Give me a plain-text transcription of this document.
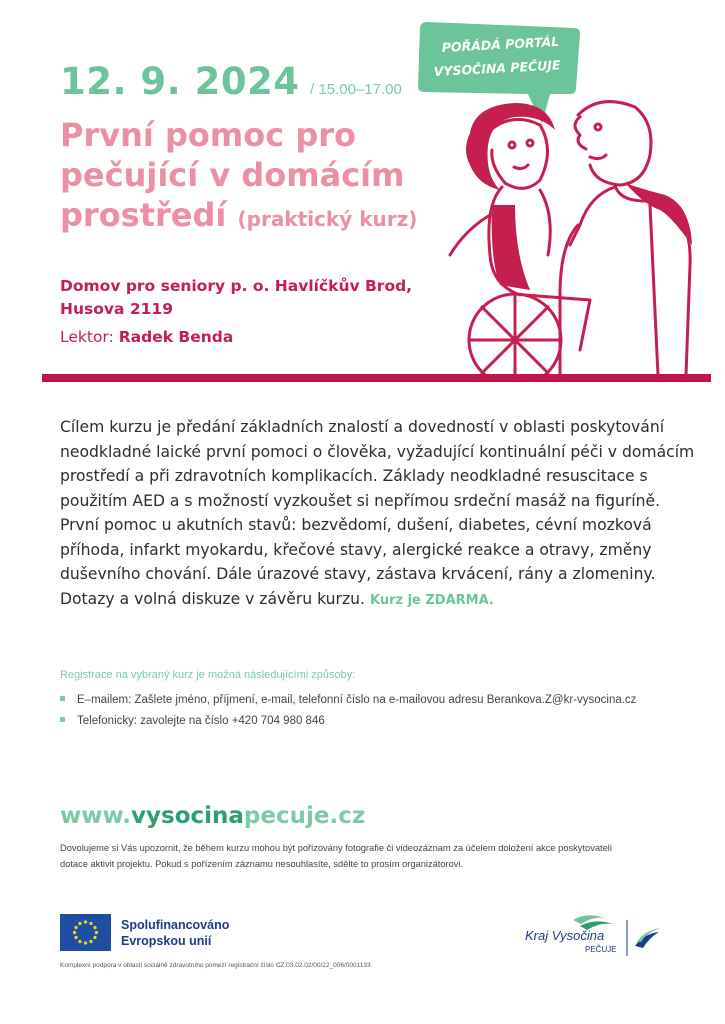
POŘÁDÁ PORTÁL
VYSOČINA PEČUJE
12. 9. 2024 / 15.00–17.00
První pomoc pro pečující v domácím prostředí (praktický kurz)
Domov pro seniory p. o. Havlíčkův Brod,
Husova 2119
Lektor: Radek Benda
Cílem kurzu je předání základních znalostí a dovedností v oblasti poskytování neodkladné laické první pomoci o člověka, vyžadující kontinuální péči v domácím prostředí a při zdravotních komplikacích. Základy neodkladné resuscitace s použitím AED a s možností vyzkoušet si nepřímou srdeční masáž na figuríně. První pomoc u akutních stavů: bezvědomí, dušení, diabetes, cévní mozková příhoda, infarkt myokardu, křečové stavy, alergické reakce a otravy, změny duševního chování. Dále úrazové stavy, zástava krvácení, rány a zlomeniny. Dotazy a volná diskuze v závěru kurzu. Kurz je ZDARMA.
Registrace na vybraný kurz je možná následujícími způsoby:
E–mailem: Zašlete jméno, příjmení, e-mail, telefonní číslo na e-mailovou adresu Berankova.Z@kr-vysocina.cz
Telefonicky: zavolejte na číslo +420 704 980 846
www.vysocinapecuje.cz
Dovolujeme si Vás upozornit, že během kurzu mohou být pořizovány fotografie či videozáznam za účelem doložení akce poskytovateli dotace aktivit projektu. Pokud s pořízením záznamu nesouhlasíte, sdělte to prosím organizátorovi.
Spolufinancováno
Evropskou unií	Kraj Vysočina
PEČUJE
Komplexní podpora v oblasti sociálně zdravotního pomezí registrační číslo CZ.03.02.02/00/22_006/0001133
